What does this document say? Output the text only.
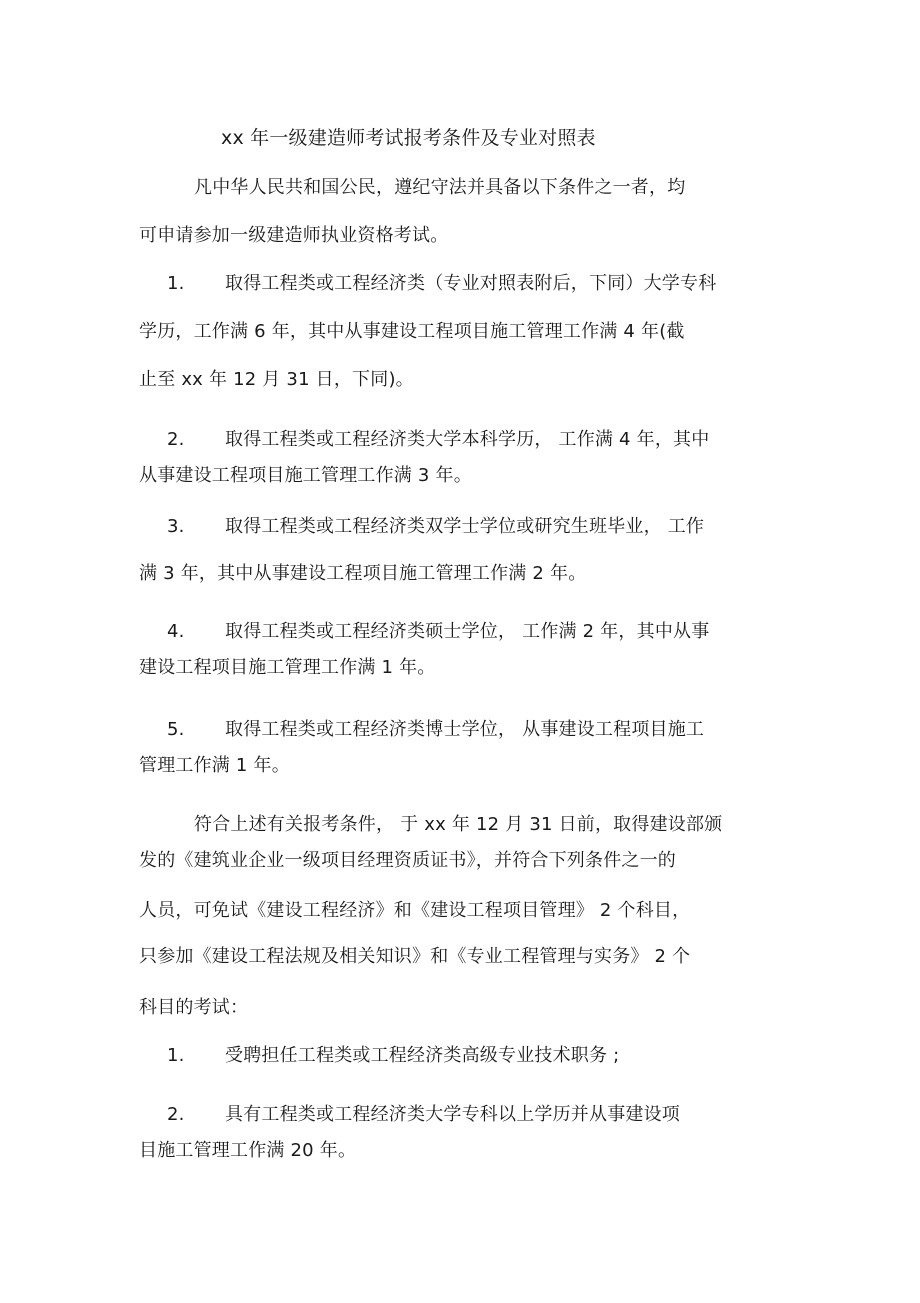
xx 年一级建造师考试报考条件及专业对照表
凡中华人民共和国公民，遵纪守法并具备以下条件之一者，均
可申请参加一级建造师执业资格考试。
1. 取得工程类或工程经济类（专业对照表附后，下同）大学专科
学历，工作满 6 年，其中从事建设工程项目施工管理工作满 4 年(截
止至 xx 年 12 月 31 日，下同)。
2. 取得工程类或工程经济类大学本科学历， 工作满 4 年，其中
从事建设工程项目施工管理工作满 3 年。
3. 取得工程类或工程经济类双学士学位或研究生班毕业， 工作
满 3 年，其中从事建设工程项目施工管理工作满 2 年。
4. 取得工程类或工程经济类硕士学位， 工作满 2 年，其中从事
建设工程项目施工管理工作满 1 年。
5. 取得工程类或工程经济类博士学位， 从事建设工程项目施工
管理工作满 1 年。
符合上述有关报考条件， 于 xx 年 12 月 31 日前，取得建设部颁
发的《建筑业企业一级项目经理资质证书》，并符合下列条件之一的
人员，可免试《建设工程经济》和《建设工程项目管理》 2 个科目，
只参加《建设工程法规及相关知识》和《专业工程管理与实务》 2 个
科目的考试：
1. 受聘担任工程类或工程经济类高级专业技术职务 ;
2. 具有工程类或工程经济类大学专科以上学历并从事建设项
目施工管理工作满 20 年。
